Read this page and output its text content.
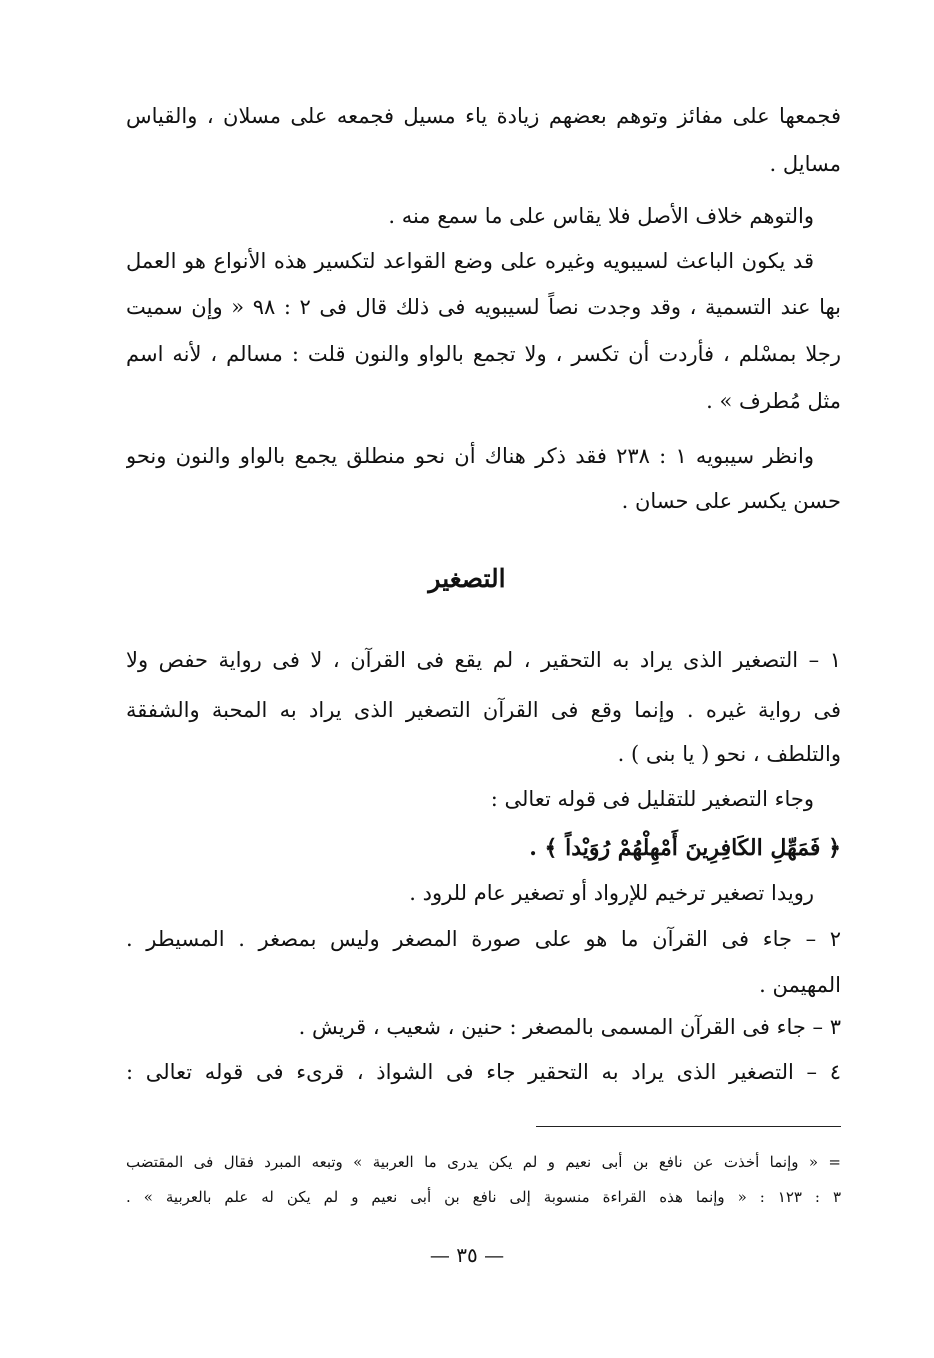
فجمعها على مفائز وتوهم بعضهم زيادة ياء مسيل فجمعه على مسلان ، والقياس
مسايل .
والتوهم خلاف الأصل فلا يقاس على ما سمع منه .
قد يكون الباعث لسيبويه وغيره على وضع القواعد لتكسير هذه الأنواع هو العمل
بها عند التسمية ، وقد وجدت نصاً لسيبويه فى ذلك قال فى ٢ : ٩٨ « وإن سميت
رجلا بمسْلم ، فأردت أن تكسر ، ولا تجمع بالواو والنون قلت : مسالم ، لأنه اسم
مثل مُطرف » .
وانظر سيبويه ١ : ٢٣٨ فقد ذكر هناك أن نحو منطلق يجمع بالواو والنون ونحو
حسن يكسر على حسان .
التصغير
١ – التصغير الذى يراد به التحقير ، لم يقع فى القرآن ، لا فى رواية حفص ولا
فى رواية غيره . وإنما وقع فى القرآن التصغير الذى يراد به المحبة والشفقة
والتلطف ، نحو ( يا بنى ) .
وجاء التصغير للتقليل فى قوله تعالى :
﴿ فَمَهِّلِ الكَافِرِينَ أَمْهِلْهُمْ رُوَيْداً ﴾ .
رويدا تصغير ترخيم للإرواد أو تصغير عام للرود .
٢ – جاء فى القرآن ما هو على صورة المصغر وليس بمصغر . المسيطر .
المهيمن .
٣ – جاء فى القرآن المسمى بالمصغر : حنين ، شعيب ، قريش .
٤ – التصغير الذى يراد به التحقير جاء فى الشواذ ، قرىء فى قوله تعالى :
= « وإنما أخذت عن نافع بن أبى نعيم و لم يكن يدرى ما العربية » وتبعه المبرد فقال فى المقتضب
٣ : ١٢٣ : « وإنما هذه القراءة منسوبة إلى نافع بن أبى نعيم و لم يكن له علم بالعربية » .
— ٣٥ —
